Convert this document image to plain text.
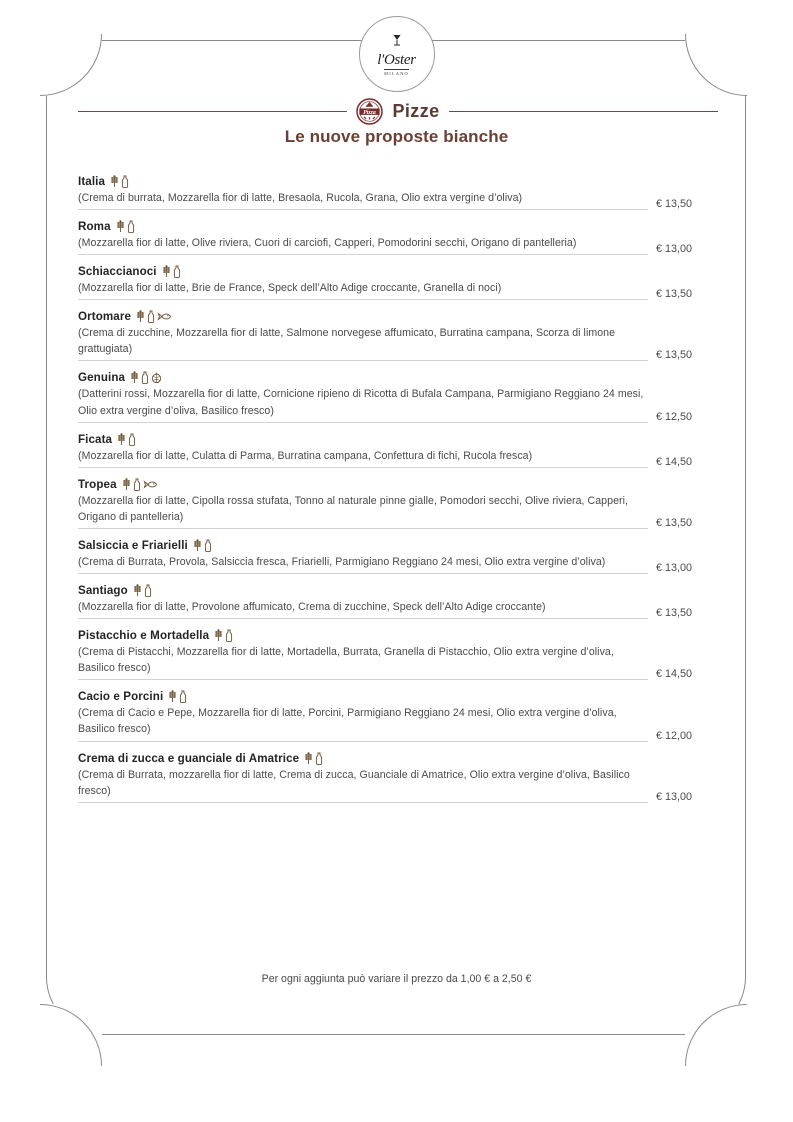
l'Oster
MILANO
Pizza Pizze
Le nuove proposte bianche
Italia
(Crema di burrata, Mozzarella fior di latte, Bresaola, Rucola, Grana, Olio extra vergine d’oliva)
€ 13,50
Roma
(Mozzarella fior di latte, Olive riviera, Cuori di carciofi, Capperi, Pomodorini secchi, Origano di pantelleria)
€ 13,00
Schiaccianoci
(Mozzarella fior di latte, Brie de France, Speck dell’Alto Adige croccante, Granella di noci)
€ 13,50
Ortomare
(Crema di zucchine, Mozzarella fior di latte, Salmone norvegese affumicato, Burratina campana, Scorza di limone grattugiata)
€ 13,50
Genuina
(Datterini rossi, Mozzarella fior di latte, Cornicione ripieno di Ricotta di Bufala Campana, Parmigiano Reggiano 24 mesi, Olio extra vergine d’oliva, Basilico fresco)
€ 12,50
Ficata
(Mozzarella fior di latte, Culatta di Parma, Burratina campana, Confettura di fichi, Rucola fresca)
€ 14,50
Tropea
(Mozzarella fior di latte, Cipolla rossa stufata, Tonno al naturale pinne gialle, Pomodori secchi, Olive riviera, Capperi, Origano di pantelleria)
€ 13,50
Salsiccia e Friarielli
(Crema di Burrata, Provola, Salsiccia fresca, Friarielli, Parmigiano Reggiano 24 mesi, Olio extra vergine d’oliva)
€ 13,00
Santiago
(Mozzarella fior di latte, Provolone affumicato, Crema di zucchine, Speck dell’Alto Adige croccante)
€ 13,50
Pistacchio e Mortadella
(Crema di Pistacchi, Mozzarella fior di latte, Mortadella, Burrata, Granella di Pistacchio, Olio extra vergine d’oliva, Basilico fresco)
€ 14,50
Cacio e Porcini
(Crema di Cacio e Pepe, Mozzarella fior di latte, Porcini, Parmigiano Reggiano 24 mesi, Olio extra vergine d’oliva, Basilico fresco)
€ 12,00
Crema di zucca e guanciale di Amatrice
(Crema di Burrata, mozzarella fior di latte, Crema di zucca, Guanciale di Amatrice, Olio extra vergine d’oliva, Basilico fresco)
€ 13,00
Per ogni aggiunta può variare il prezzo da 1,00 € a 2,50 €
